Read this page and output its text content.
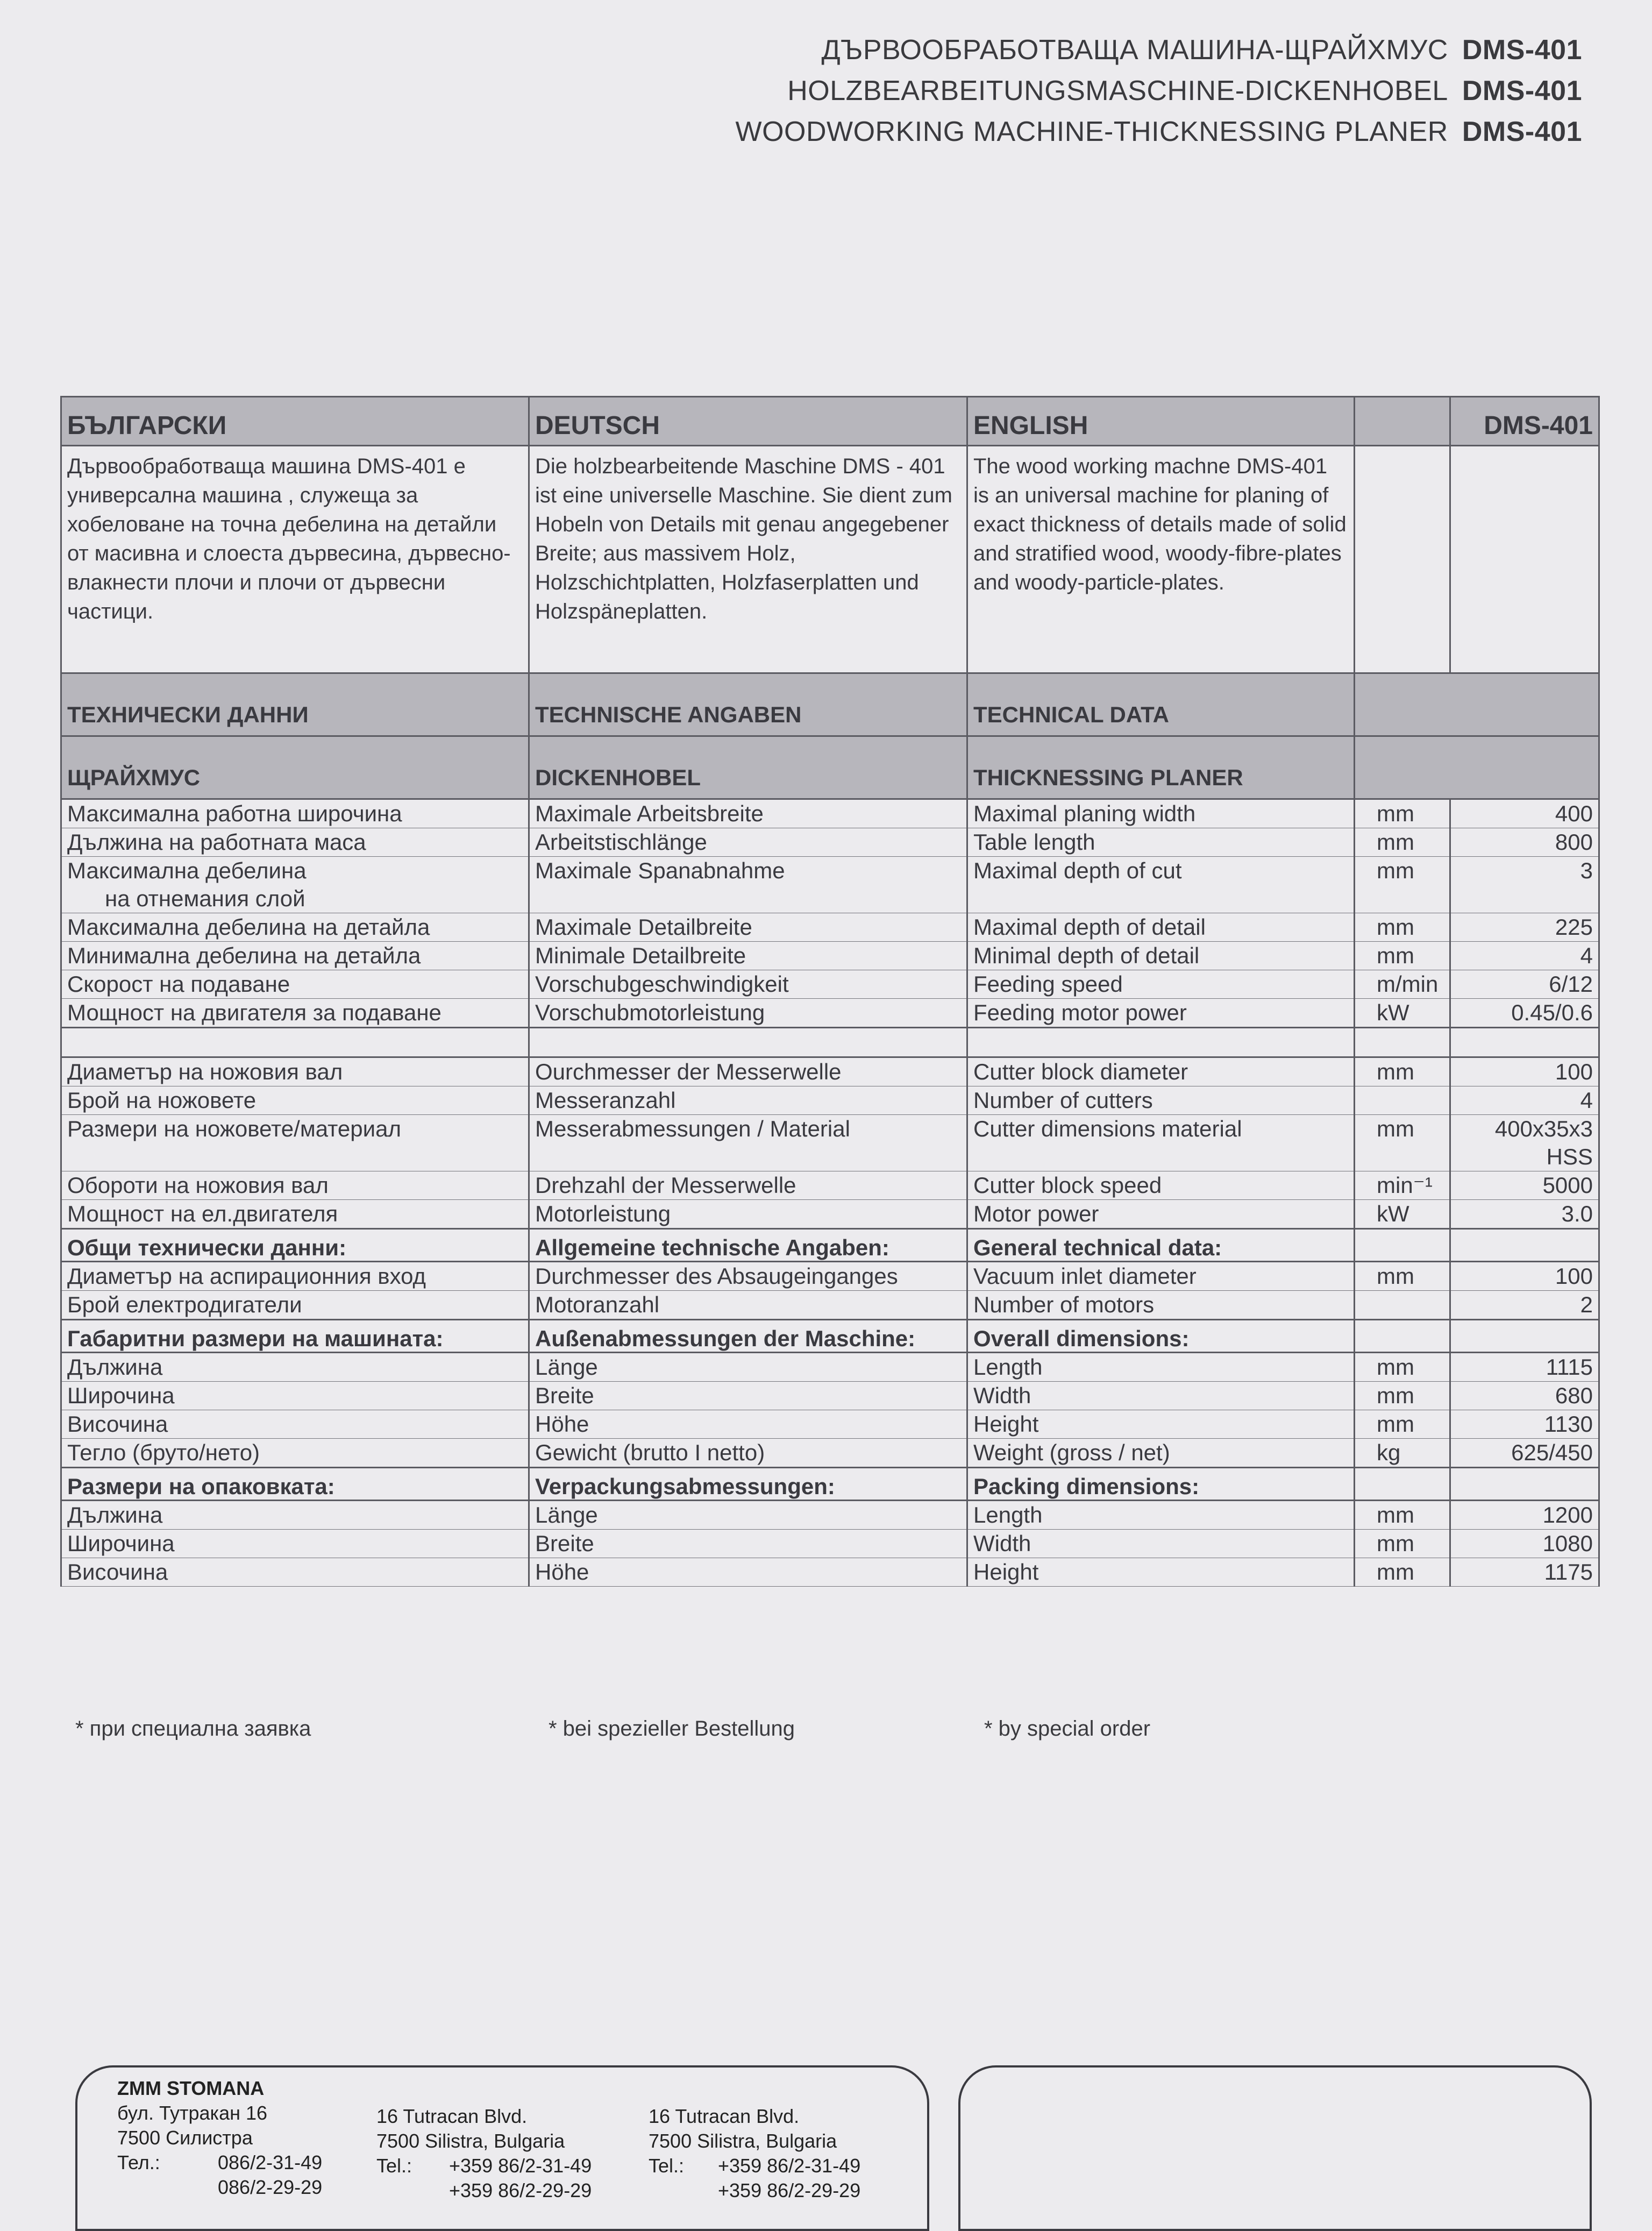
ДЪРВООБРАБОТВАЩА МАШИНА-ЩРАЙХМУС DMS-401
HOLZBEARBEITUNGSMASCHINE-DICKENHOBEL DMS-401
WOODWORKING MACHINE-THICKNESSING PLANER DMS-401
БЪЛГАРСКИ	DEUTSCH	ENGLISH		DMS-401
Дървообработваща машина DMS-401 е универсална машина , служеща за хобеловане на точна дебелина на детайли от масивна и слоеста дървесина, дървесно-влакнести плочи и плочи от дървесни частици.	Die holzbearbeitende Maschine DMS - 401 ist eine universelle Maschine. Sie dient zum Hobeln von Details mit genau angegebener Breite; aus massivem Holz, Holzschichtplatten, Holzfaserplatten und Holzspäneplatten.	The wood working machne DMS-401 is an universal machine for planing of exact thickness of details made of solid and stratified wood, woody-fibre-plates and woody-particle-plates.		
ТЕХНИЧЕСКИ ДАННИ	TECHNISCHE ANGABEN	TECHNICAL DATA		
ЩРАЙХМУС	DICKENHOBEL	THICKNESSING PLANER		
Максимална работна широчина	Maximale Arbeitsbreite	Maximal planing width	mm	400
Дължина на работната маса	Arbeitstischlänge	Table length	mm	800
Максимална дебелина
на отнемания слой	Maximale Spanabnahme	Maximal depth of cut	mm	3
Максимална дебелина на детайла	Maximale Detailbreite	Maximal depth of detail	mm	225
Минимална дебелина на детайла	Minimale Detailbreite	Minimal depth of detail	mm	4
Скорост на подаване	Vorschubgeschwindigkeit	Feeding speed	m/min	6/12
Мощност на двигателя за подаване	Vorschubmotorleistung	Feeding motor power	kW	0.45/0.6

Диаметър на ножовия вал	Ourchmesser der Messerwelle	Cutter block diameter	mm	100
Брой на ножовете	Messeranzahl	Number of cutters		4
Размери на ножовете/материал	Messerabmessungen / Material	Cutter dimensions material	mm	400x35x3
HSS
Обороти на ножовия вал	Drehzahl der Messerwelle	Cutter block speed	min⁻¹	5000
Мощност на ел.двигателя	Motorleistung	Motor power	kW	3.0
Общи технически данни:	Allgemeine technische Angaben:	General technical data:		
Диаметър на аспирационния вход	Durchmesser des Absaugeinganges	Vacuum inlet diameter	mm	100
Брой електродигатели	Motoranzahl	Number of motors		2
Габаритни размери на машината:	Außenabmessungen der Maschine:	Overall dimensions:		
Дължина	Länge	Length	mm	1115
Широчина	Breite	Width	mm	680
Височина	Höhe	Height	mm	1130
Тегло (бруто/нето)	Gewicht (brutto I netto)	Weight (gross / net)	kg	625/450
Размери на опаковката:	Verpackungsabmessungen:	Packing dimensions:		
Дължина	Länge	Length	mm	1200
Широчина	Breite	Width	mm	1080
Височина	Höhe	Height	mm	1175
* при специална заявка	* bei spezieller Bestellung	* by special order
ZMM STOMANA
бул. Тутракан 16
7500 Силистра
Тел.:	086/2-31-49
086/2-29-29
16 Tutracan Blvd.
7500 Silistra, Bulgaria
Tel.:	+359 86/2-31-49
+359 86/2-29-29
16 Tutracan Blvd.
7500 Silistra, Bulgaria
Tel.:	+359 86/2-31-49
+359 86/2-29-29
